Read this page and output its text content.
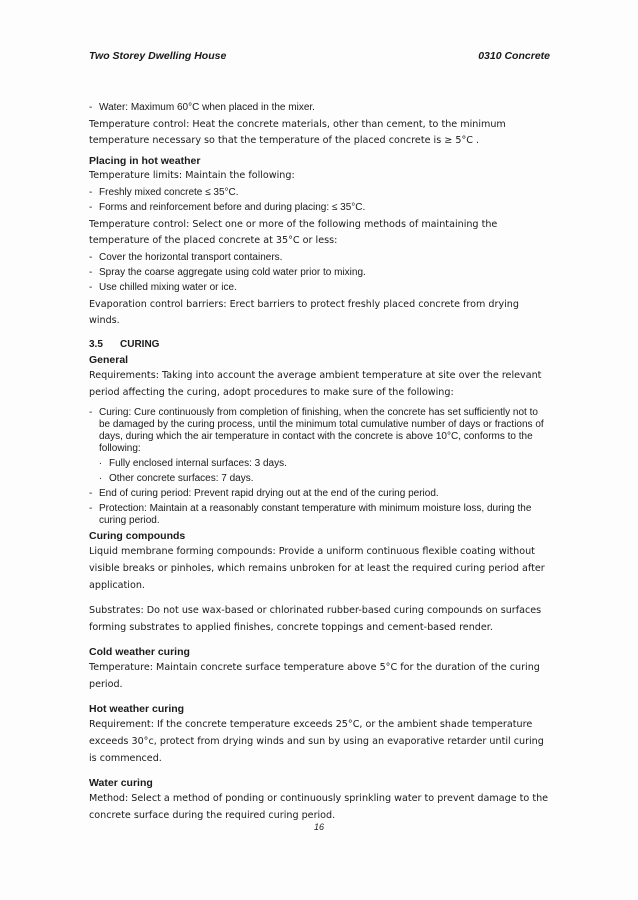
Two Storey Dwelling House	0310 Concrete
- Water: Maximum 60°C when placed in the mixer.
Temperature control: Heat the concrete materials, other than cement, to the minimum temperature necessary so that the temperature of the placed concrete is ≥ 5°C .
Placing in hot weather
Temperature limits: Maintain the following:
- Freshly mixed concrete ≤ 35°C.
- Forms and reinforcement before and during placing: ≤ 35°C.
Temperature control: Select one or more of the following methods of maintaining the temperature of the placed concrete at 35°C or less:
- Cover the horizontal transport containers.
- Spray the coarse aggregate using cold water prior to mixing.
- Use chilled mixing water or ice.
Evaporation control barriers: Erect barriers to protect freshly placed concrete from drying winds.
3.5 CURING
General
Requirements: Taking into account the average ambient temperature at site over the relevant period affecting the curing, adopt procedures to make sure of the following:
- Curing: Cure continuously from completion of finishing, when the concrete has set sufficiently not to be damaged by the curing process, until the minimum total cumulative number of days or fractions of days, during which the air temperature in contact with the concrete is above 10°C, conforms to the following:
. Fully enclosed internal surfaces: 3 days.
. Other concrete surfaces: 7 days.
- End of curing period: Prevent rapid drying out at the end of the curing period.
- Protection: Maintain at a reasonably constant temperature with minimum moisture loss, during the curing period.
Curing compounds
Liquid membrane forming compounds: Provide a uniform continuous flexible coating without visible breaks or pinholes, which remains unbroken for at least the required curing period after application.
Substrates: Do not use wax-based or chlorinated rubber-based curing compounds on surfaces forming substrates to applied finishes, concrete toppings and cement-based render.
Cold weather curing
Temperature: Maintain concrete surface temperature above 5°C for the duration of the curing period.
Hot weather curing
Requirement: If the concrete temperature exceeds 25°C, or the ambient shade temperature exceeds 30°c, protect from drying winds and sun by using an evaporative retarder until curing is commenced.
Water curing
Method: Select a method of ponding or continuously sprinkling water to prevent damage to the concrete surface during the required curing period.
16
